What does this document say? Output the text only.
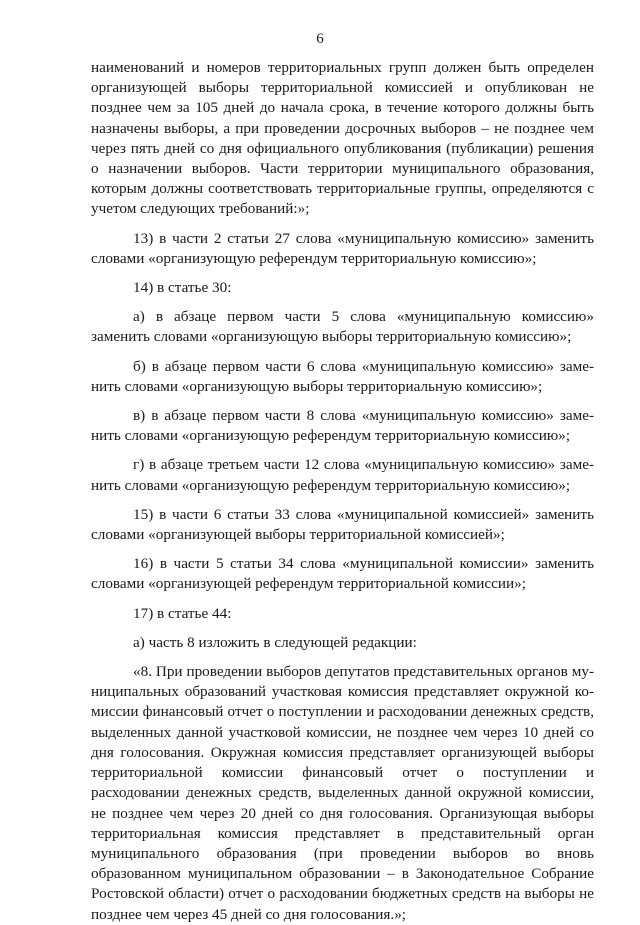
6

наименований и номеров территориальных групп должен быть определен организующей выборы территориальной комиссией и опубликован не позднее чем за 105 дней до начала срока, в течение которого должны быть назначены выборы, а при проведении досрочных выборов – не позднее чем через пять дней со дня официального опубликования (публикации) решения о назначении выборов. Части территории муниципального образования, которым должны соответствовать территориальные группы, определяются с учетом следующих требований:»;

13) в части 2 статьи 27 слова «муниципальную комиссию» заменить словами «организующую референдум территориальную комиссию»;

14) в статье 30:

а) в абзаце первом части 5 слова «муниципальную комиссию» заменить словами «организующую выборы территориальную комиссию»;

б) в абзаце первом части 6 слова «муниципальную комиссию» заменить словами «организующую выборы территориальную комиссию»;

в) в абзаце первом части 8 слова «муниципальную комиссию» заменить словами «организующую референдум территориальную комиссию»;

г) в абзаце третьем части 12 слова «муниципальную комиссию» заменить словами «организующую референдум территориальную комиссию»;

15) в части 6 статьи 33 слова «муниципальной комиссией» заменить словами «организующей выборы территориальной комиссией»;

16) в части 5 статьи 34 слова «муниципальной комиссии» заменить словами «организующей референдум территориальной комиссии»;

17) в статье 44:

а) часть 8 изложить в следующей редакции:

«8. При проведении выборов депутатов представительных органов муниципальных образований участковая комиссия представляет окружной комиссии финансовый отчет о поступлении и расходовании денежных средств, выделенных данной участковой комиссии, не позднее чем через 10 дней со дня голосования. Окружная комиссия представляет организующей выборы территориальной комиссии финансовый отчет о поступлении и расходовании денежных средств, выделенных данной окружной комиссии, не позднее чем через 20 дней со дня голосования. Организующая выборы территориальная комиссия представляет в представительный орган муниципального образования (при проведении выборов во вновь образованном муниципальном образовании – в Законодательное Собрание Ростовской области) отчет о расходовании бюджетных средств на выборы не позднее чем через 45 дней со дня голосования.»;
